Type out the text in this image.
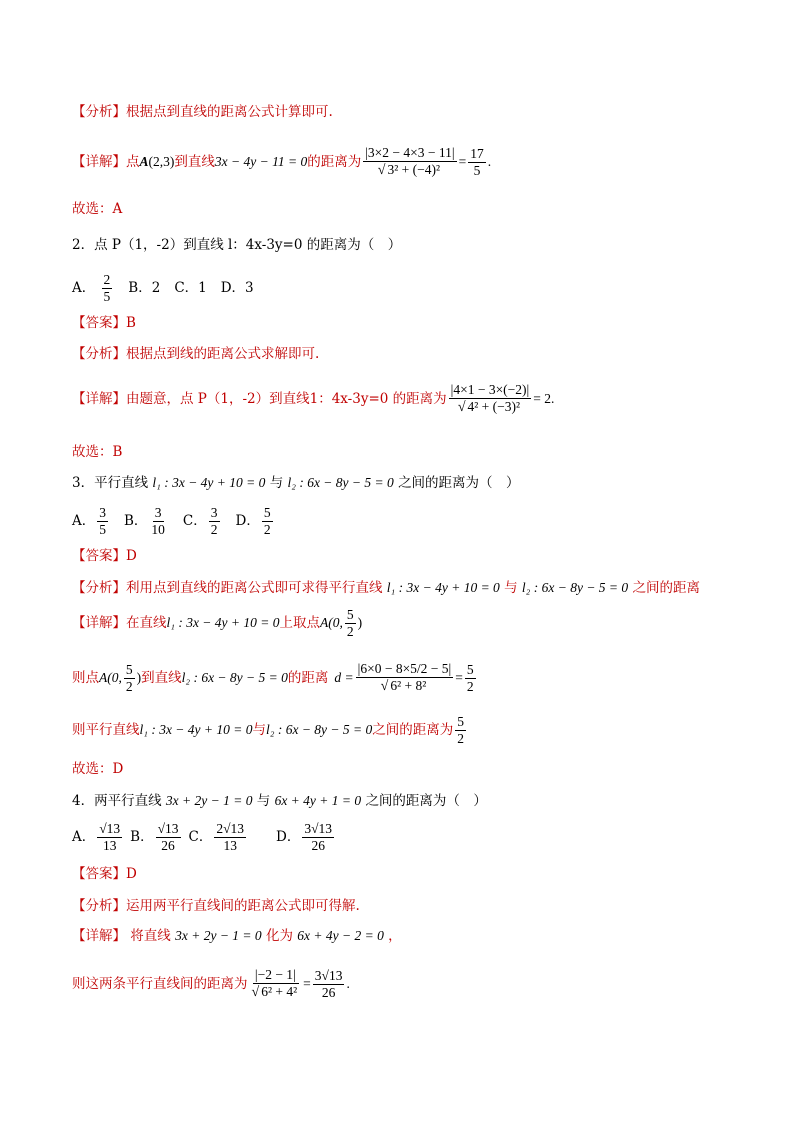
【分析】根据点到直线的距离公式计算即可.
【详解】 点 A (2,3) 到直线 3x − 4y − 11 = 0 的距离为 $\frac{|3\times 2 - 4\times 3 - 11|}{\text{√ 3² + (−4)²}} = \frac{17}{5}$ .
故选：A
2．点 P（1，-2）到直线 l：4x-3y=0 的距离为（　）
A． $\frac{2}{5}$ B．2 C．1 D．3
【答案】B
【分析】根据点到线的距离公式求解即可.
【详解】 由题意，点 P（1，-2）到直线1：4x-3y=0 的距离为 $\frac{|4\times 1 - 3\times(-2)|}{\text{√ 4² + (−3)²}} = 2$ .
故选：B
3．平行直线 l₁ : 3x − 4y + 10 = 0 与 l₂ : 6x − 8y − 5 = 0 之间的距离为（　）
A． $\frac{3}{5}$ B． $\frac{3}{10}$ C． $\frac{3}{2}$ D． $\frac{5}{2}$
【答案】D
【分析】利用点到直线的距离公式即可求得平行直线 l₁ : 3x − 4y + 10 = 0 与 l₂ : 6x − 8y − 5 = 0 之间的距离
【详解】 在直线 l₁ : 3x − 4y + 10 = 0 上取点 A(0, $\frac{5}{2}$ )
则点 A(0, $\frac{5}{2}$ ) 到直线 l₂ : 6x − 8y − 5 = 0 的距离 $d = \frac{|6\times 0 - 8\times 5/2 - 5|}{\text{√ 6² + 8²}} = \frac{5}{2}$
则平行直线 l₁ : 3x − 4y + 10 = 0 与 l₂ : 6x − 8y − 5 = 0 之间的距离为 $\frac{5}{2}$
故选：D
4．两平行直线 3x + 2y − 1 = 0 与 6x + 4y + 1 = 0 之间的距离为（　）
A． $\frac{√13}{13}$ B． $\frac{√13}{26}$ C． $\frac{2√13}{13}$ D． $\frac{3√13}{26}$
【答案】D
【分析】运用两平行直线间的距离公式即可得解.
【详解】 将直线 3x + 2y − 1 = 0 化为 6x + 4y − 2 = 0 ，
则这两条平行直线间的距离为 $\frac{|-2 - 1|}{\text{√ 6² + 4²}} = \frac{3√13}{26}$ .
